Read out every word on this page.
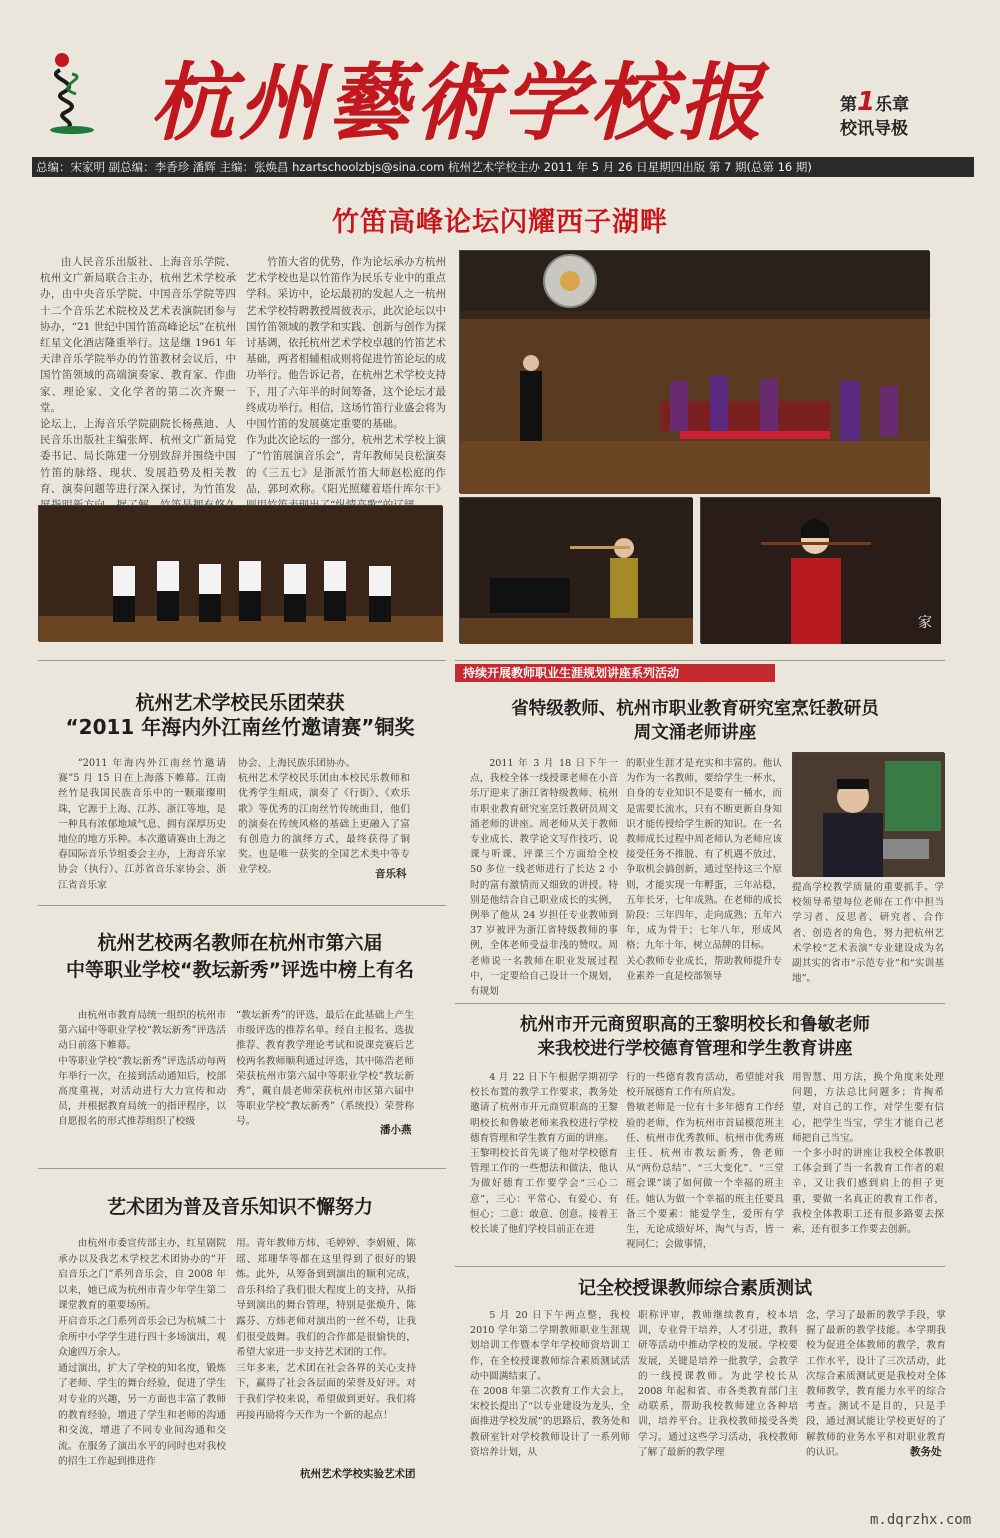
杭州藝術学校报	第1乐章
校讯导极
总编：宋家明 副总编：李香珍 潘辉 主编：张焕昌 hzartschoolzbjs@sina.com 杭州艺术学校主办 2011 年 5 月 26 日星期四出版 第 7 期(总第 16 期)
竹笛高峰论坛闪耀西子湖畔
由人民音乐出版社、上海音乐学院、杭州文广新局联合主办，杭州艺术学校承办，由中央音乐学院、中国音乐学院等四十二个音乐艺术院校及艺术表演院团参与协办，“21 世纪中国竹笛高峰论坛”在杭州红星文化酒店隆重举行。这是继 1961 年天津音乐学院举办的竹笛教材会议后，中国竹笛领域的高端演奏家、教育家、作曲家、理论家、文化学者的第二次齐聚一堂。
论坛上，上海音乐学院副院长杨燕迪、人民音乐出版社主编张辉、杭州文广新局党委书记、局长陈建一分别致辞并围绕中国竹笛的脉络、现状、发展趋势及相关教育、演奏问题等进行深入探讨，为竹笛发
竹笛大省的优势，作为论坛承办方杭州艺术学校也是以竹笛作为民乐专业中的重点学科。采访中，论坛最初的发起人之一杭州艺术学校特聘教授周彼表示，此次论坛以中国竹笛领域的教学和实践、创新与创作为探讨基调，依托杭州艺术学校卓越的竹笛艺术基础，两者相辅相成则将促进竹笛论坛的成功举行。他告诉记者，在杭州艺术学校支持下，用了六年半的时间筹备，这个论坛才最终成功举行。相信，这场竹笛行业盛会将为中国竹笛的发展奠定重要的基础。
作为此次论坛的一部分，杭州艺术学校上演了“竹笛展演音乐会”，青年教师吴良松演奏的《三五七》是浙派竹笛大师赵松庭的作品，郭珂欢称。《阳光照耀着塔什库尔干》
家
杭州艺术学校民乐团荣获
“2011 年海内外江南丝竹邀请赛”铜奖
“2011 年海内外江南丝竹邀请赛”5 月 15 日在上海落下帷幕。江南丝竹是我国民族音乐中的一颗璀璨明珠，它源于上海、江苏、浙江等地，是一种具有浓郁地域气息、拥有深厚历史地位的地方乐种。本次邀请赛由上海之春国际音乐节组委会主办，上海音乐家协会（执行）、江苏省音乐家协会、浙江省音乐家
协会、上海民族乐团协办。
杭州艺术学校民乐团由本校民乐教师和优秀学生组成，演奏了《行街》、《欢乐歌》等优秀的江南丝竹传统曲目，他们的演奏在传统风格的基础上更融入了富有创造力的演绎方式，最终获得了铜奖。也是唯一获奖的全国艺术类中等专业学校。	音乐科
杭州艺校两名教师在杭州市第六届
中等职业学校“教坛新秀”评选中榜上有名
由杭州市教育局统一组织的杭州市第六届中等职业学校“教坛新秀”评选活动日前落下帷幕。
中等职业学校“教坛新秀”评选活动每两年举行一次，在接到活动通知后，校部高度重视，对活动进行大力宣传和动员，并根据教育局统一的指评程序，以自愿报名的形式推荐组织了校级
“教坛新秀”的评选，最后在此基础上产生市级评选的推荐名单。经自主报名、选拔推荐、教育教学理论考试和说课竞赛后艺校两名教师顺利通过评选，其中陈浩老师荣获杭州市第六届中等职业学校“教坛新秀”，戴自晨老师荣获杭州市区第六届中等职业学校“教坛新秀”（系统投）荣誉称号。
潘小燕
艺术团为普及音乐知识不懈努力
由杭州市委宣传部主办，红星剧院承办以及我艺术学校艺术团协办的“开启音乐之门”系列音乐会，自 2008 年以来，她已成为杭州市青少年学生第二课堂教育的重要场所。
开启音乐之门系列音乐会已为杭城二十余所中小学学生进行四十多场演出，观众逾四万余人。
通过演出，扩大了学校的知名度，锻炼了老师、学生的舞台经验，促进了学生对专业的兴趣，另一方面也丰富了教师的教育经验，增进了学生和老师的沟通和交流，增进了不同专业间沟通和交流。在服务了演出水平的同时也对我校的招生工作起到推进作
用。青年教师方炜、毛婷婷、李娟娅、陈瑶、郑珊华等都在这里得到了很好的锻炼。此外，从筹备到到演出的顺利完成，音乐科给了我们很大程度上的支持，从指导到演出的舞台管理，特别是张焕升、陈露芬、方炜老师对演出的一丝不苟，让我们很受鼓舞。我们的合作都是很愉快的，希望大家进一步支持艺术团的工作。
三年多来，艺术团在社会各界的关心支持下，赢得了社会各层面的荣誉及好评。对于我们学校来说，希望做到更好。我们将再接再励将今天作为一个新的起点！
杭州艺术学校实验艺术团
持续开展教师职业生涯规划讲座系列活动
省特级教师、杭州市职业教育研究室烹饪教研员
周文涌老师讲座
2011 年 3 月 18 日下午一点，我校全体一线授课老师在小音乐厅迎来了浙江省特级教师、杭州市职业教育研究室烹饪教研员周文涌老师的讲座。周老师从关于教师专业成长、教学论文写作技巧、说课与听课、评课三个方面给全校 50 多位一线老师进行了长达 2 小时的富有激情而又细致的讲授。特别是他结合自己职业成长的实例，例举了他从 24 岁担任专业教师到 37 岁被评为浙江省特级教师的事例，全体老师受益非浅的赞叹。周老师说一名教师在职业发展过程中，一定要给自己设计一个规划，有规划
的职业生涯才是充实和丰富的。他认为作为一名教师，要给学生一杯水，自身的专业知识不是要有一桶水，而是需要长流水，只有不断更新自身知识才能传授给学生新的知识。在一名教师成长过程中周老师认为老师应该接受任务不推脱、有了机遇不放过、争取机会搞创新，通过坚持这三个原则，才能实现一年孵蛋，三年站稳，五年长牙，七年成熟。在老师的成长阶段：三年四年，走向成熟；五年六年，成为骨干；七年八年，形成风格；九年十年，树立品牌的目标。
关心教师专业成长，帮助教师提升专业素养一直是校部领导
提高学校教学质量的重要抓手。学校领导希望每位老师在工作中担当学习者、反思者、研究者、合作者、创造者的角色，努力把杭州艺术学校“艺术表演”专业建设成为名副其实的省市“示范专业”和“实训基地”。
杭州市开元商贸职高的王黎明校长和鲁敏老师
来我校进行学校德育管理和学生教育讲座
4 月 22 日下午根据学期初学校长布置的教学工作要求，教务处邀请了杭州市开元商贸职高的王黎明校长和鲁敏老师来我校进行学校德育管理和学生教育方面的讲座。
王黎明校长首先谈了他对学校德育管理工作的一些想法和做法，他认为做好德育工作要学会“三心二意”，三心：平常心、有爱心、有恒心；二意：敢意、创意。接着王校长谈了他们学校目前正在进
行的一些德育教育活动，希望能对我校开展德育工作有所启发。
鲁敏老师是一位有十多年德育工作经验的老师，作为杭州市首届模范班主任、杭州市优秀教师、杭州市优秀班主任、杭州市教坛新秀，鲁老师从“两份总结”、“三大变化”、“三堂班会课”谈了如何做一个幸福的班主任。她认为做一个幸福的班主任要具备三个要素：能爱学生，爱所有学生，无论成绩好坏，淘气与否，皆一视同仁；会做事情，
用智慧、用方法，换个角度来处理问题，方法总比问题多；肯掏希望，对自己的工作，对学生要有信心，把学生当宝，学生才能自己老师把自己当宝。
一个多小时的讲座让我校全体教职工体会到了当一名教育工作者的艰辛，又让我们感到肩上的担子更重，要做一名真正的教育工作者，我校全体教职工还有很多路要去探索，还有很多工作要去创新。
记全校授课教师综合素质测试
5 月 20 日下午两点整，我校 2010 学年第二学期教师职业生涯规划培训工作暨本学年学校师资培训工作，在全校授课教师综合素质测试活动中圆满结束了。
在 2008 年第二次教育工作大会上，宋校长提出了“以专业建设为龙头，全面推进学校发展”的思路后，教务处和教研室针对学校教师设计了一系列师资培养计划，从
职称评审，教师继续教育，校本培训，专业骨干培养，人才引进，教科研等活动中推动学校的发展。学校要发展，关键是培养一批教学，会教学的一线授课教师。为此学校长从 2008 年起和省、市各类教育部门主动联系，帮助我校教师建立各种培训，培养平台。让我校教师接受各类学习。通过这些学习活动，我校教师了解了最新的教学理
念，学习了最新的教学手段，掌握了最新的教学技能。本学期我校为促进全体教师的教学，教育工作水平，设计了三次活动，此次综合素质测试更是我校对全体教师教学，教育能力水平的综合考查。测试不是目的，只是手段，通过测试能让学校更好的了解教师的业务水平和对职业教育的认识。	教务处
m.dqrzhx.com
